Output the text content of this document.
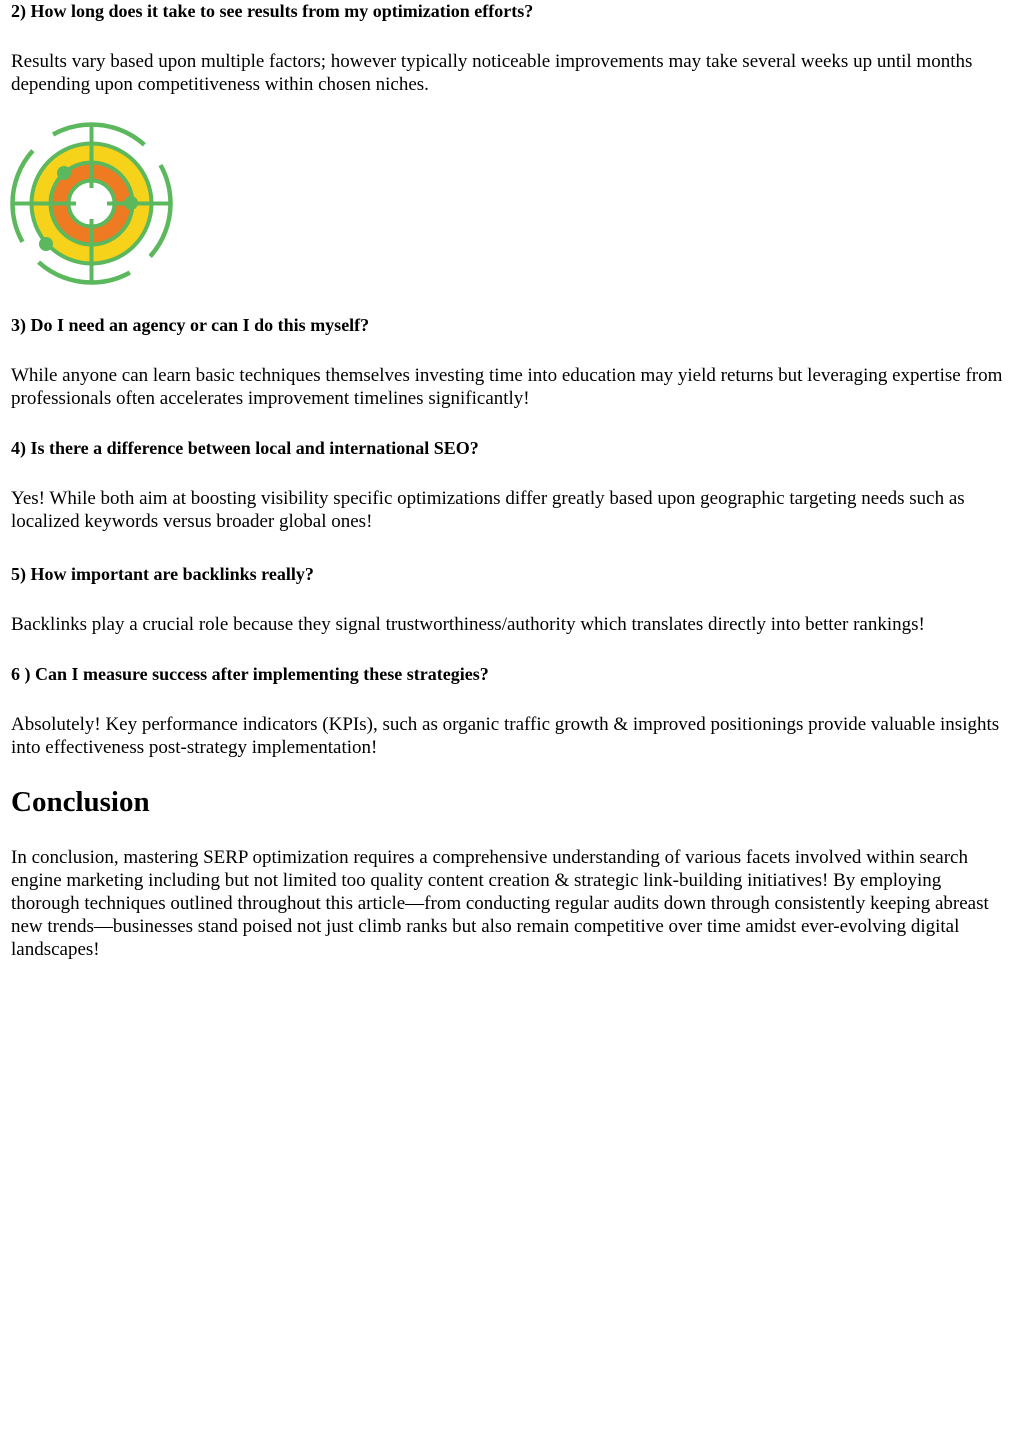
2) How long does it take to see results from my optimization efforts?

Results vary based upon multiple factors; however typically noticeable improvements may take several weeks up until months depending upon competitiveness within chosen niches.

3) Do I need an agency or can I do this myself?

While anyone can learn basic techniques themselves investing time into education may yield returns but leveraging expertise from professionals often accelerates improvement timelines significantly!

4) Is there a difference between local and international SEO?

Yes! While both aim at boosting visibility specific optimizations differ greatly based upon geographic targeting needs such as localized keywords versus broader global ones!

5) How important are backlinks really?

Backlinks play a crucial role because they signal trustworthiness/authority which translates directly into better rankings!

6 ) Can I measure success after implementing these strategies?

Absolutely! Key performance indicators (KPIs), such as organic traffic growth & improved positionings provide valuable insights into effectiveness post-strategy implementation!

Conclusion

In conclusion, mastering SERP optimization requires a comprehensive understanding of various facets involved within search engine marketing including but not limited too quality content creation & strategic link-building initiatives! By employing thorough techniques outlined throughout this article—from conducting regular audits down through consistently keeping abreast new trends—businesses stand poised not just climb ranks but also remain competitive over time amidst ever-evolving digital landscapes!
